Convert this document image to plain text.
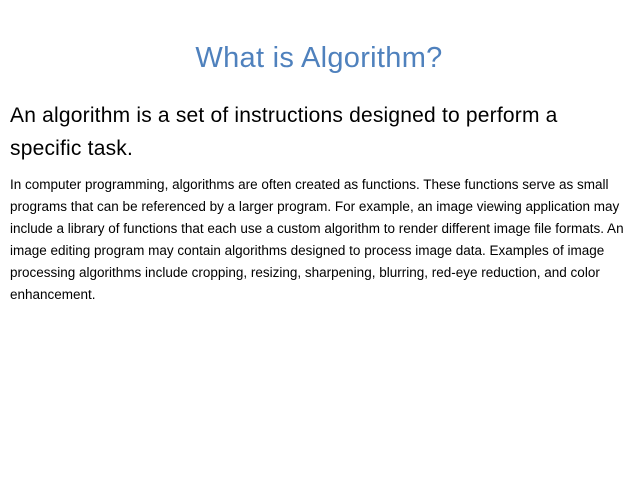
What is Algorithm?
An algorithm is a set of instructions designed to perform a specific task.
In computer programming, algorithms are often created as functions. These functions serve as small programs that can be referenced by a larger program. For example, an image viewing application may include a library of functions that each use a custom algorithm to render different image file formats. An image editing program may contain algorithms designed to process image data. Examples of image processing algorithms include cropping, resizing, sharpening, blurring, red-eye reduction, and color enhancement.
